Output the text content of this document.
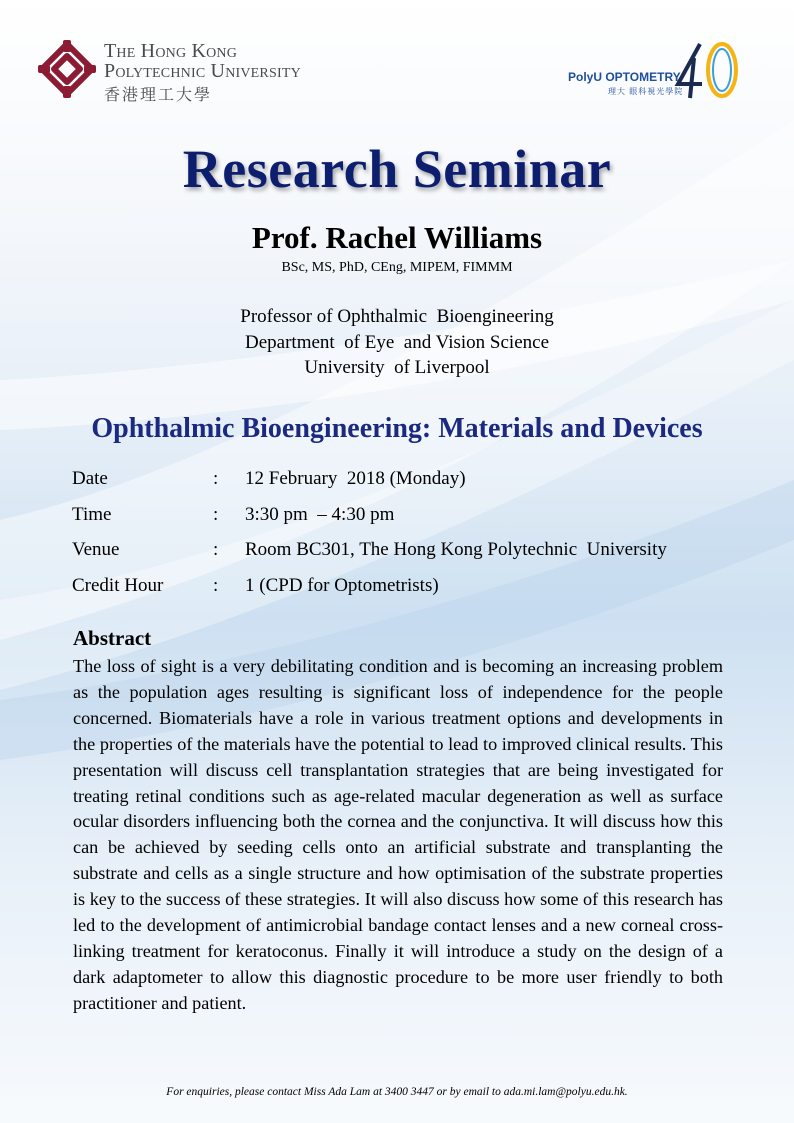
The Hong Kong
Polytechnic University
香港理工大學
PolyU OPTOMETRY
理大 眼科視光學院
Research Seminar
Prof. Rachel Williams
BSc, MS, PhD, CEng, MIPEM, FIMMM
Professor of Ophthalmic  Bioengineering
Department  of Eye  and Vision Science
University  of Liverpool
Ophthalmic Bioengineering: Materials and Devices
Date	: 12 February  2018 (Monday)
Time	: 3:30 pm  – 4:30 pm
Venue	: Room BC301, The Hong Kong Polytechnic  University
Credit Hour	: 1 (CPD for Optometrists)
Abstract
The loss of sight is a very debilitating condition and is becoming an increasing problem as the population ages resulting is significant loss of independence for the people concerned. Biomaterials have a role in various treatment options and developments in the properties of the materials have the potential to lead to improved clinical results. This presentation will discuss cell transplantation strategies that are being investigated for treating retinal conditions such as age-related macular degeneration as well as surface ocular disorders influencing both the cornea and the conjunctiva. It will discuss how this can be achieved by seeding cells onto an artificial substrate and transplanting the substrate and cells as a single structure and how optimisation of the substrate properties is key to the success of these strategies. It will also discuss how some of this research has led to the development of antimicrobial bandage contact lenses and a new corneal cross-linking treatment for keratoconus. Finally it will introduce a study on the design of a dark adaptometer to allow this diagnostic procedure to be more user friendly to both practitioner and patient.
For enquiries, please contact Miss Ada Lam at 3400 3447 or by email to ada.mi.lam@polyu.edu.hk.
